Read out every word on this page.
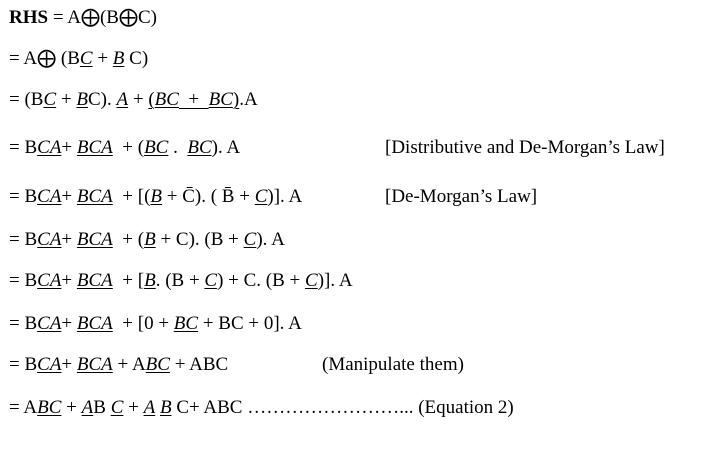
RHS = A⨁(B⨁C)
= A⨁ (BC + B C)
= (BC + BC). A + (BC  +  BC).A
= BCA+ BCA  + (BC .  BC). A	[Distributive and De-Morgan’s Law]
= BCA+ BCA  + [(B + C̄). ( B̄ + C)]. A	[De-Morgan’s Law]
= BCA+ BCA  + (B + C). (B + C). A
= BCA+ BCA  + [B. (B + C) + C. (B + C)]. A
= BCA+ BCA  + [0 + BC + BC + 0]. A
= BCA+ BCA + ABC + ABC	(Manipulate them)
= ABC + AB C + A B C+ ABC ……………………... (Equation 2)
